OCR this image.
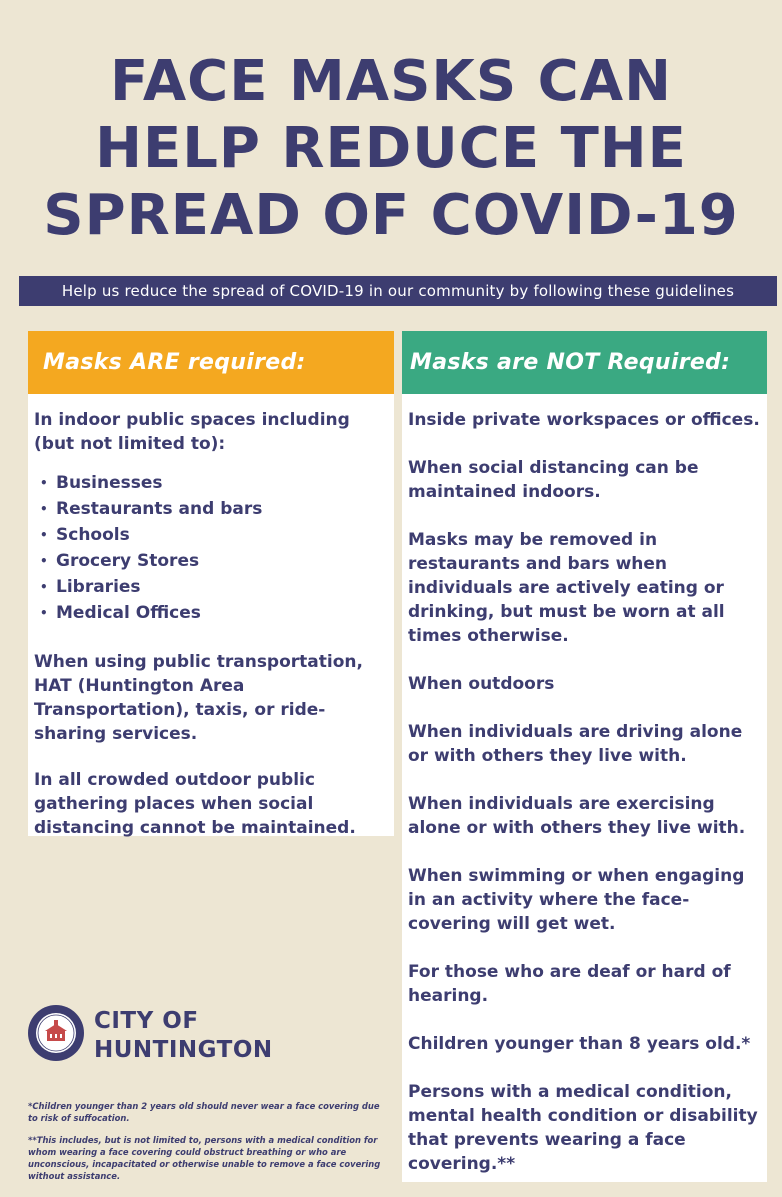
FACE MASKS CAN
HELP REDUCE THE
SPREAD OF COVID-19
Help us reduce the spread of COVID-19 in our community by following these guidelines
Masks ARE required:

In indoor public spaces including (but not limited to):

• Businesses
• Restaurants and bars
• Schools
• Grocery Stores
• Libraries
• Medical Offices

When using public transportation, HAT (Huntington Area Transportation), taxis, or ride-sharing services.

In all crowded outdoor public gathering places when social distancing cannot be maintained.

Masks are NOT Required:

Inside private workspaces or offices.

When social distancing can be maintained indoors.

Masks may be removed in restaurants and bars when individuals are actively eating or drinking, but must be worn at all times otherwise.

When outdoors

When individuals are driving alone or with others they live with.

When individuals are exercising alone or with others they live with.

When swimming or when engaging in an activity where the face-covering will get wet.

For those who are deaf or hard of hearing.

Children younger than 8 years old.*

Persons with a medical condition, mental health condition or disability that prevents wearing a face covering.**

CITY OF
HUNTINGTON

*Children younger than 2 years old should never wear a face covering due to risk of suffocation.

**This includes, but is not limited to, persons with a medical condition for whom wearing a face covering could obstruct breathing or who are unconscious, incapacitated or otherwise unable to remove a face covering without assistance.
